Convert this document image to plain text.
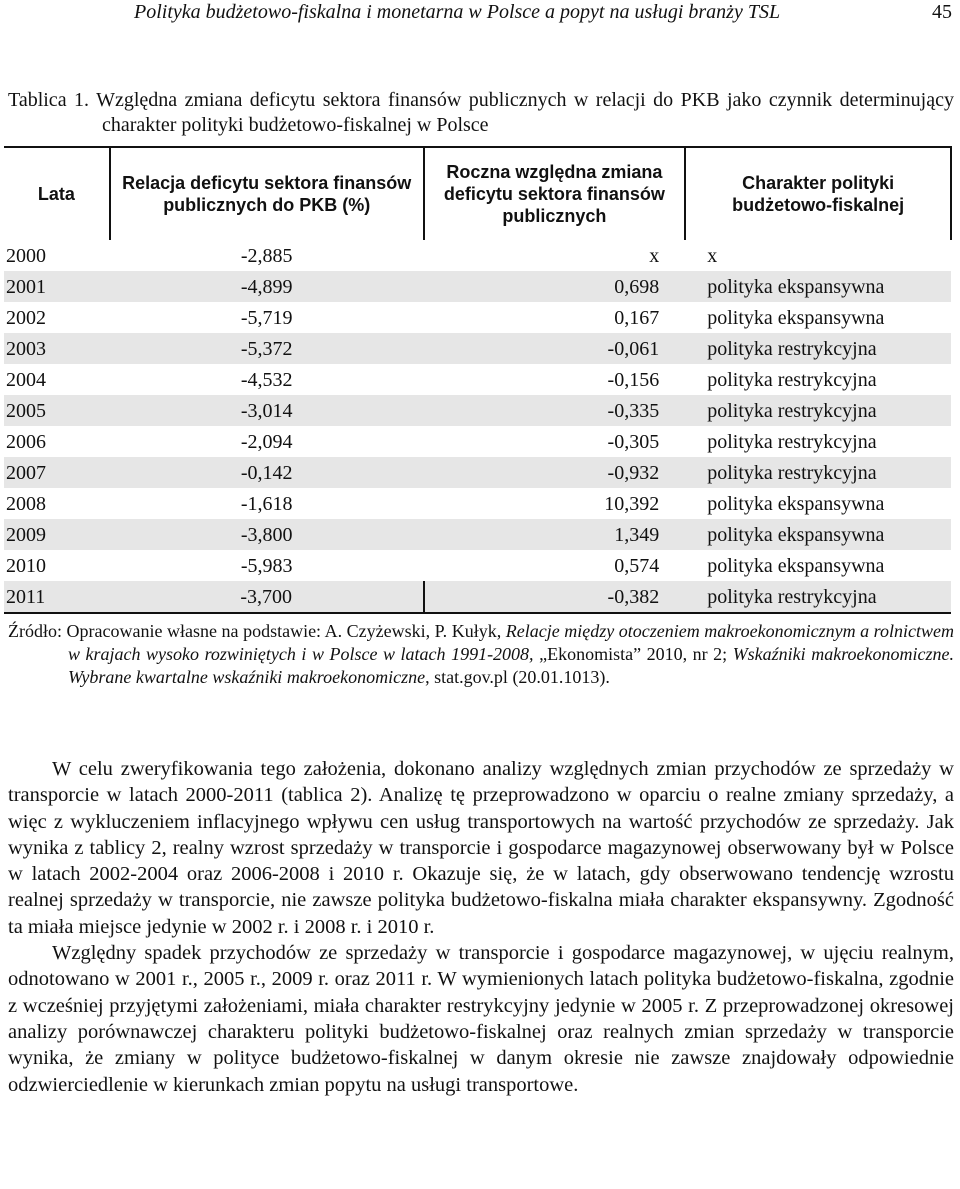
Polityka budżetowo-fiskalna i monetarna w Polsce a popyt na usługi branży TSL	45
Tablica 1. Względna zmiana deficytu sektora finansów publicznych w relacji do PKB jako czynnik determinujący charakter polityki budżetowo-fiskalnej w Polsce
Lata	Relacja deficytu sektora finansów publicznych do PKB (%)	Roczna względna zmiana deficytu sektora finansów publicznych	Charakter polityki budżetowo-fiskalnej
2000	-2,885	x	x
2001	-4,899	0,698	polityka ekspansywna
2002	-5,719	0,167	polityka ekspansywna
2003	-5,372	-0,061	polityka restrykcyjna
2004	-4,532	-0,156	polityka restrykcyjna
2005	-3,014	-0,335	polityka restrykcyjna
2006	-2,094	-0,305	polityka restrykcyjna
2007	-0,142	-0,932	polityka restrykcyjna
2008	-1,618	10,392	polityka ekspansywna
2009	-3,800	1,349	polityka ekspansywna
2010	-5,983	0,574	polityka ekspansywna
2011	-3,700	-0,382	polityka restrykcyjna
Źródło: Opracowanie własne na podstawie: A. Czyżewski, P. Kułyk, Relacje między otoczeniem makroekonomicznym a rolnictwem w krajach wysoko rozwiniętych i w Polsce w latach 1991-2008, „Ekonomista” 2010, nr 2; Wskaźniki makroekonomiczne. Wybrane kwartalne wskaźniki makroekonomiczne, stat.gov.pl (20.01.1013).

W celu zweryfikowania tego założenia, dokonano analizy względnych zmian przychodów ze sprzedaży w transporcie w latach 2000-2011 (tablica 2). Analizę tę przeprowadzono w oparciu o realne zmiany sprzedaży, a więc z wykluczeniem inflacyjnego wpływu cen usług transportowych na wartość przychodów ze sprzedaży. Jak wynika z tablicy 2, realny wzrost sprzedaży w transporcie i gospodarce magazynowej obserwowany był w Polsce w latach 2002-2004 oraz 2006-2008 i 2010 r. Okazuje się, że w latach, gdy obserwowano tendencję wzrostu realnej sprzedaży w transporcie, nie zawsze polityka budżetowo-fiskalna miała charakter ekspansywny. Zgodność ta miała miejsce jedynie w 2002 r. i 2008 r. i 2010 r.

Względny spadek przychodów ze sprzedaży w transporcie i gospodarce magazynowej, w ujęciu realnym, odnotowano w 2001 r., 2005 r., 2009 r. oraz 2011 r. W wymienionych latach polityka budżetowo-fiskalna, zgodnie z wcześniej przyjętymi założeniami, miała charakter restrykcyjny jedynie w 2005 r. Z przeprowadzonej okresowej analizy porównawczej charakteru polityki budżetowo-fiskalnej oraz realnych zmian sprzedaży w transporcie wynika, że zmiany w polityce budżetowo-fiskalnej w danym okresie nie zawsze znajdowały odpowiednie odzwierciedlenie w kierunkach zmian popytu na usługi transportowe.
